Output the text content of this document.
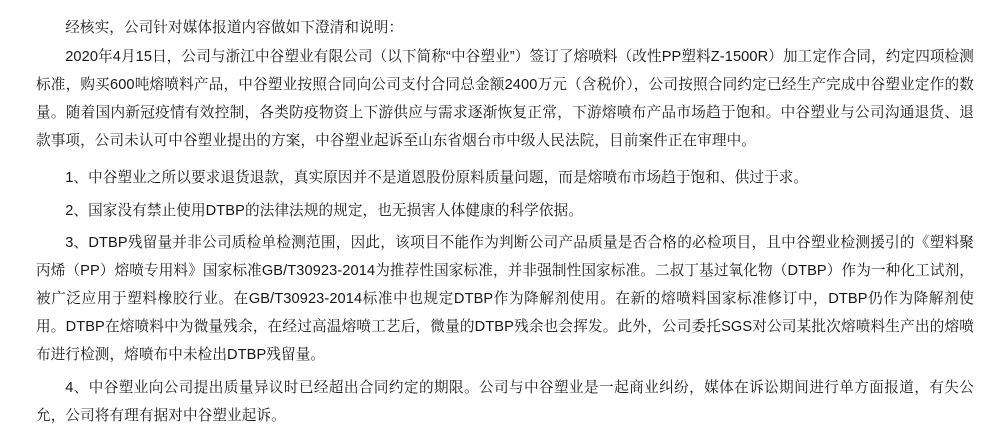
经核实，公司针对媒体报道内容做如下澄清和说明：

2020年4月15日，公司与浙江中谷塑业有限公司（以下简称“中谷塑业”）签订了熔喷料（改性PP塑料Z-1500R）加工定作合同，约定四项检测标准，购买600吨熔喷料产品，中谷塑业按照合同向公司支付合同总金额2400万元（含税价），公司按照合同约定已经生产完成中谷塑业定作的数量。随着国内新冠疫情有效控制，各类防疫物资上下游供应与需求逐渐恢复正常，下游熔喷布产品市场趋于饱和。中谷塑业与公司沟通退货、退款事项，公司未认可中谷塑业提出的方案，中谷塑业起诉至山东省烟台市中级人民法院，目前案件正在审理中。

1、中谷塑业之所以要求退货退款，真实原因并不是道恩股份原料质量问题，而是熔喷布市场趋于饱和、供过于求。

2、国家没有禁止使用DTBP的法律法规的规定，也无损害人体健康的科学依据。

3、DTBP残留量并非公司质检单检测范围，因此，该项目不能作为判断公司产品质量是否合格的必检项目，且中谷塑业检测援引的《塑料聚丙烯（PP）熔喷专用料》国家标准GB/T30923-2014为推荐性国家标准，并非强制性国家标准。二叔丁基过氧化物（DTBP）作为一种化工试剂，被广泛应用于塑料橡胶行业。在GB/T30923-2014标准中也规定DTBP作为降解剂使用。在新的熔喷料国家标准修订中，DTBP仍作为降解剂使用。DTBP在熔喷料中为微量残余，在经过高温熔喷工艺后，微量的DTBP残余也会挥发。此外，公司委托SGS对公司某批次熔喷料生产出的熔喷布进行检测，熔喷布中未检出DTBP残留量。

4、中谷塑业向公司提出质量异议时已经超出合同约定的期限。公司与中谷塑业是一起商业纠纷，媒体在诉讼期间进行单方面报道，有失公允，公司将有理有据对中谷塑业起诉。
